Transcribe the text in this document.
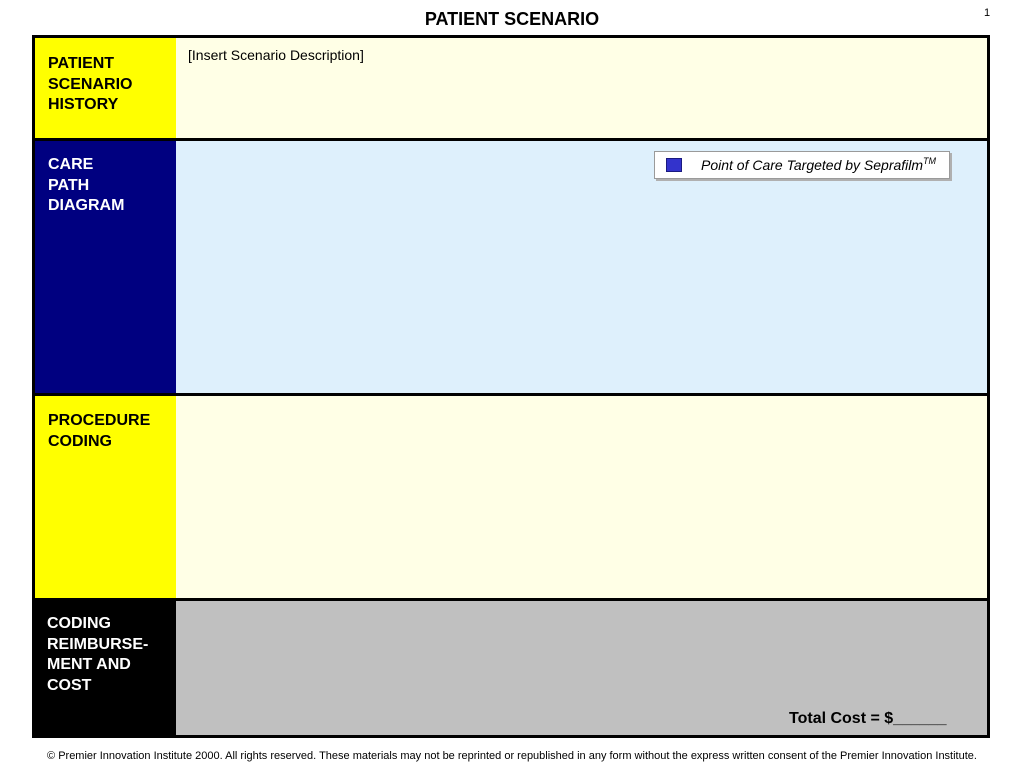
PATIENT SCENARIO	1
PATIENT
SCENARIO
HISTORY
[Insert Scenario Description]
CARE
PATH
DIAGRAM
Point of Care Targeted by Seprafilm™
PROCEDURE
CODING
CODING
REIMBURSE-
MENT AND
COST
Total Cost = $______
© Premier Innovation Institute 2000. All rights reserved. These materials may not be reprinted or republished in any form without the express written consent of the Premier Innovation Institute.
